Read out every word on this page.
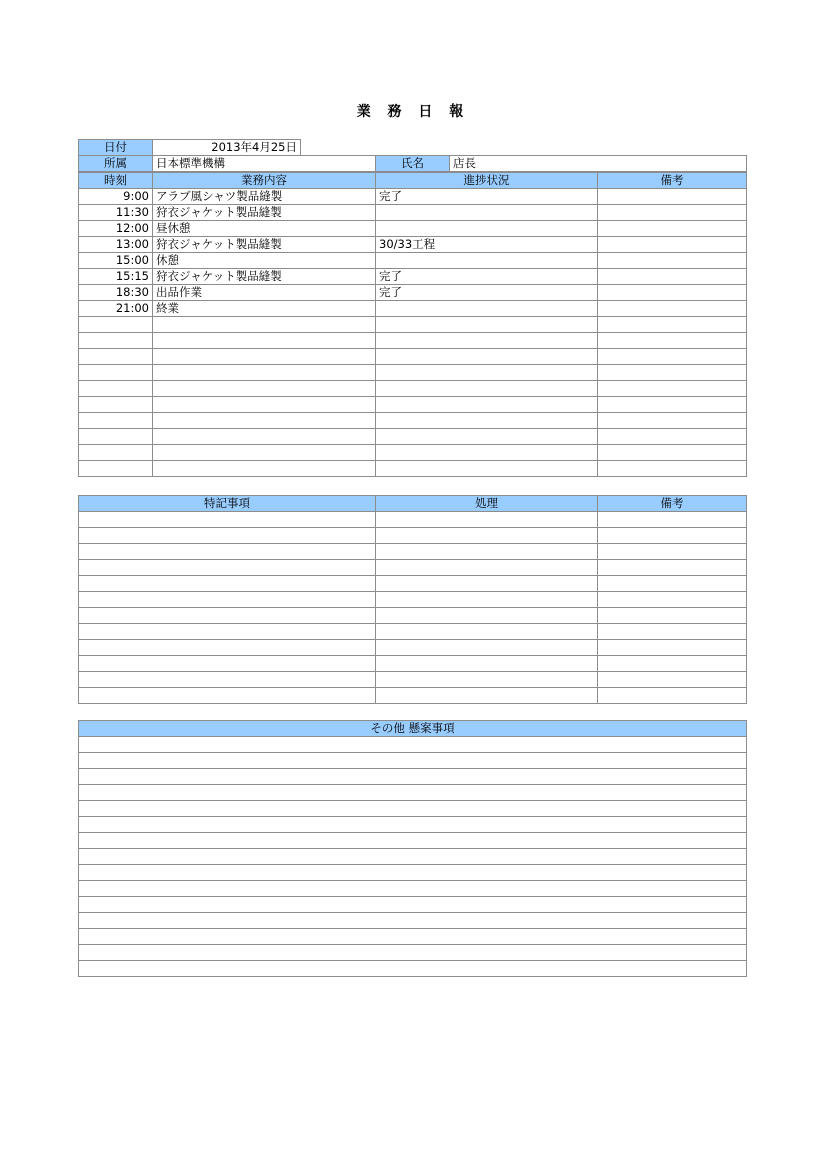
業 務 日 報
日付	2013年4月25日			
所属	日本標準機構		氏名	店長
時刻	業務内容	進捗状況	備考
9:00	アラブ風シャツ製品縫製	完了	
11:30	狩衣ジャケット製品縫製		
12:00	昼休憩		
13:00	狩衣ジャケット製品縫製	30/33工程	
15:00	休憩		
15:15	狩衣ジャケット製品縫製	完了	
18:30	出品作業	完了	
21:00	終業		

特記事項	処理	備考

その他 懸案事項
